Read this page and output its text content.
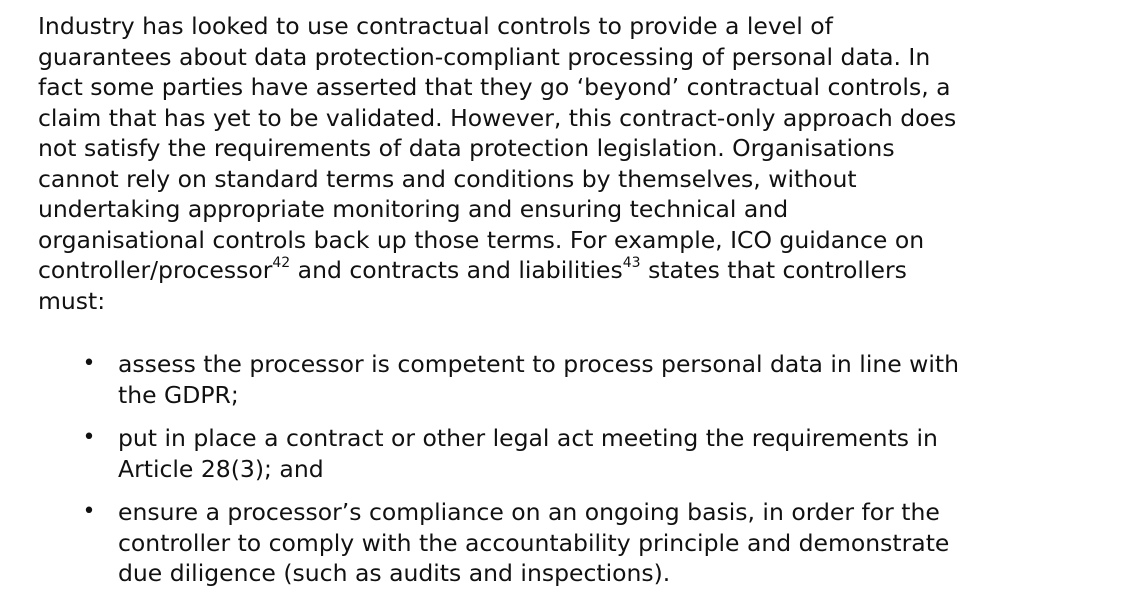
Industry has looked to use contractual controls to provide a level of
guarantees about data protection-compliant processing of personal data. In
fact some parties have asserted that they go ‘beyond’ contractual controls, a
claim that has yet to be validated. However, this contract-only approach does
not satisfy the requirements of data protection legislation. Organisations
cannot rely on standard terms and conditions by themselves, without
undertaking appropriate monitoring and ensuring technical and
organisational controls back up those terms. For example, ICO guidance on
controller/processor$^{42}$ and contracts and liabilities$^{43}$ states that controllers
must:

• assess the processor is competent to process personal data in line with
the GDPR;
• put in place a contract or other legal act meeting the requirements in
Article 28(3); and
• ensure a processor’s compliance on an ongoing basis, in order for the
controller to comply with the accountability principle and demonstrate
due diligence (such as audits and inspections).
